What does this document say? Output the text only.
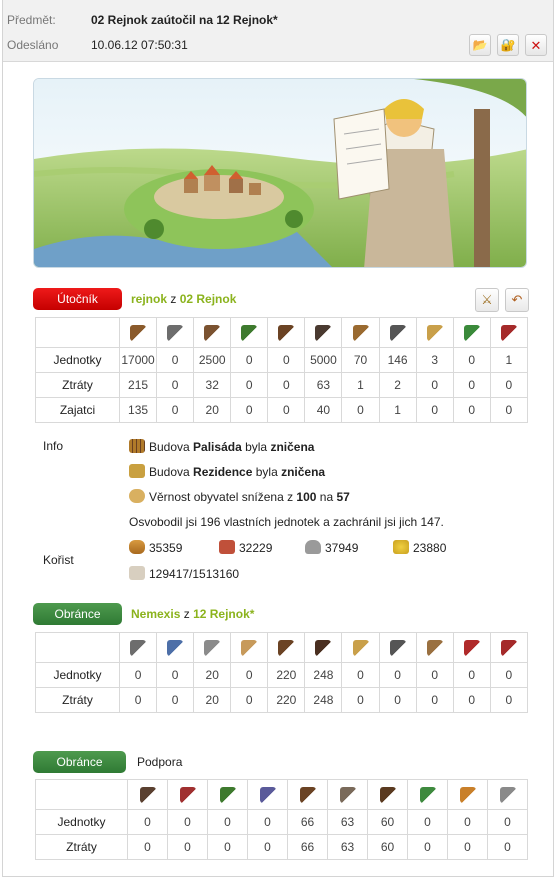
Předmět:	02 Rejnok zaútočil na 12 Rejnok*
Odesláno	10.06.12 07:50:31	📂 🔐 ✕
Útočník	rejnok z 02 Rejnok	⚔ ↶

Jednotky	17000	0	2500	0	0	5000	70	146	3	0	1
Ztráty	215	0	32	0	0	63	1	2	0	0	0
Zajatci	135	0	20	0	0	40	0	1	0	0	0
Info	Budova Palisáda byla zničena
Budova Rezidence byla zničena
Věrnost obyvatel snížena z 100 na 57
Osvobodil jsi 196 vlastních jednotek a zachránil jsi jich 147.
Kořist
35359	32229	37949	23880
129417/1513160
Obránce	Nemexis z 12 Rejnok*

Jednotky	0	0	20	0	220	248	0	0	0	0	0
Ztráty	0	0	20	0	220	248	0	0	0	0	0
Obránce	Podpora

Jednotky	0	0	0	0	66	63	60	0	0	0
Ztráty	0	0	0	0	66	63	60	0	0	0
